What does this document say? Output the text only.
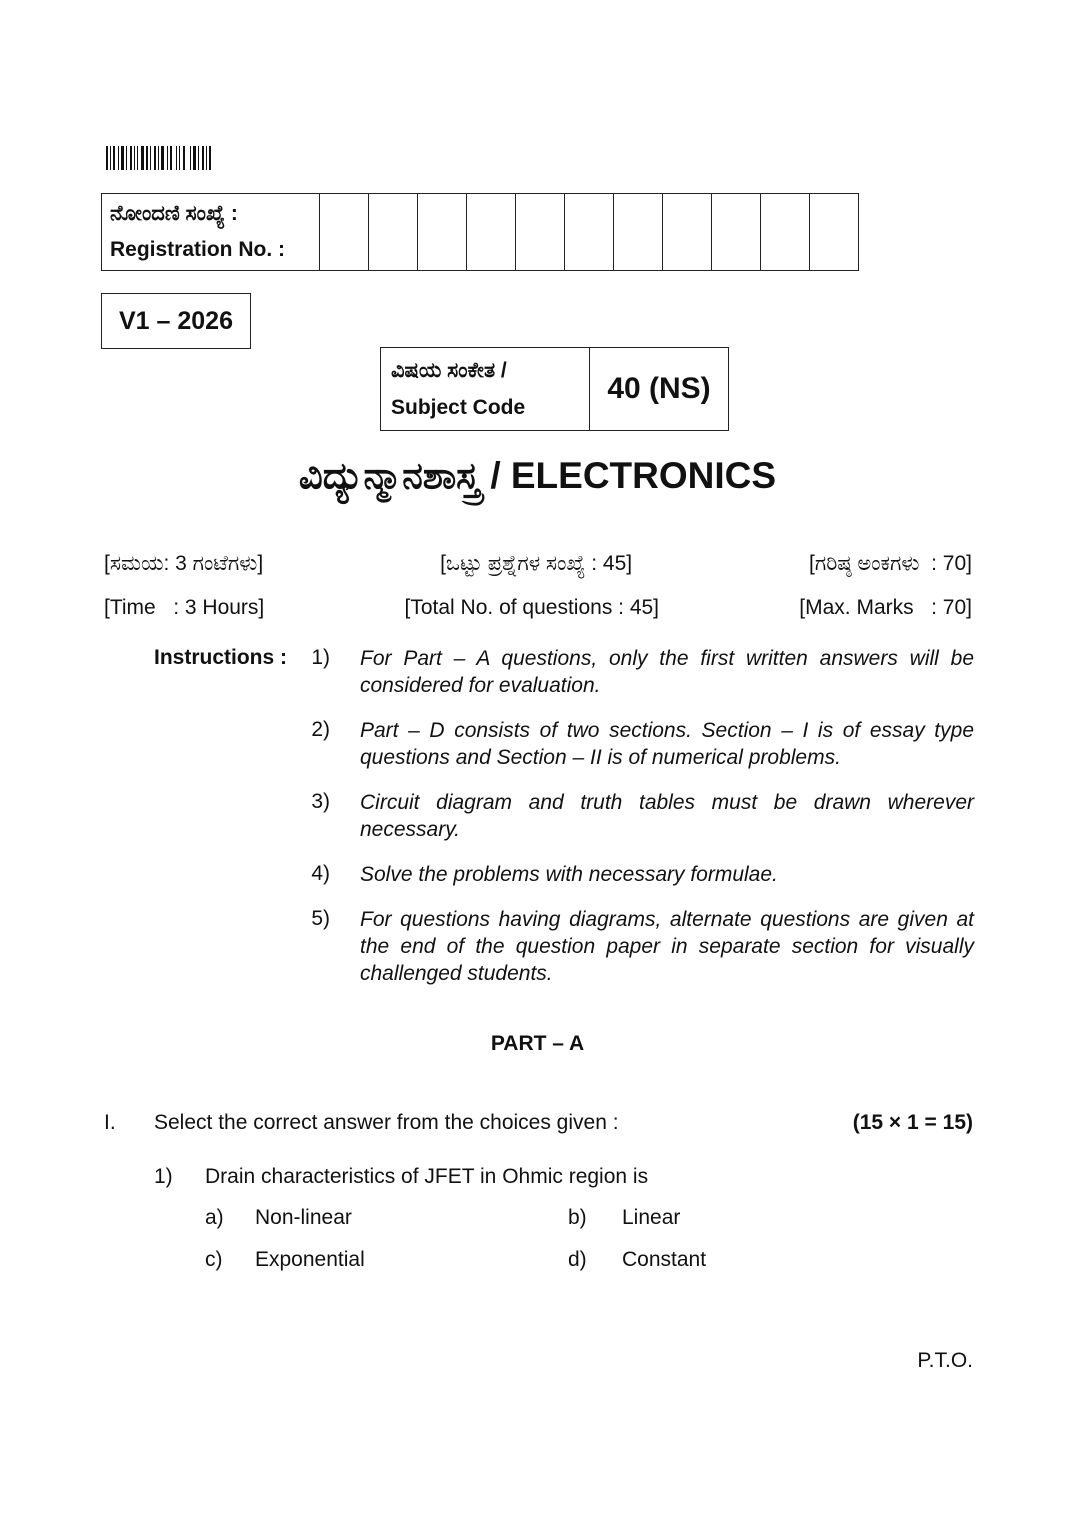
ನೋಂದಣಿ ಸಂಖ್ಯೆ :
Registration No. :
V1 – 2026
ವಿಷಯ ಸಂಕೇತ /
Subject Code
40 (NS)
ವಿದ್ಯುನ್ಮಾನಶಾಸ್ತ್ರ / ELECTRONICS
[ಸಮಯ: 3 ಗಂಟೆಗಳು]	[ಒಟ್ಟು ಪ್ರಶ್ನೆಗಳ ಸಂಖ್ಯೆ : 45]	[ಗರಿಷ್ಠ ಅಂಕಗಳು  : 70]
[Time   : 3 Hours]	[Total No. of questions : 45]	[Max. Marks   : 70]
Instructions :	1) For Part – A questions, only the first written answers will be considered for evaluation.
2) Part – D consists of two sections. Section – I is of essay type questions and Section – II is of numerical problems.
3) Circuit diagram and truth tables must be drawn wherever necessary.
4) Solve the problems with necessary formulae.
5) For questions having diagrams, alternate questions are given at the end of the question paper in separate section for visually challenged students.
PART – A
I. Select the correct answer from the choices given :	(15 × 1 = 15)
1) Drain characteristics of JFET in Ohmic region is
a) Non-linear	b) Linear
c) Exponential	d) Constant
P.T.O.
